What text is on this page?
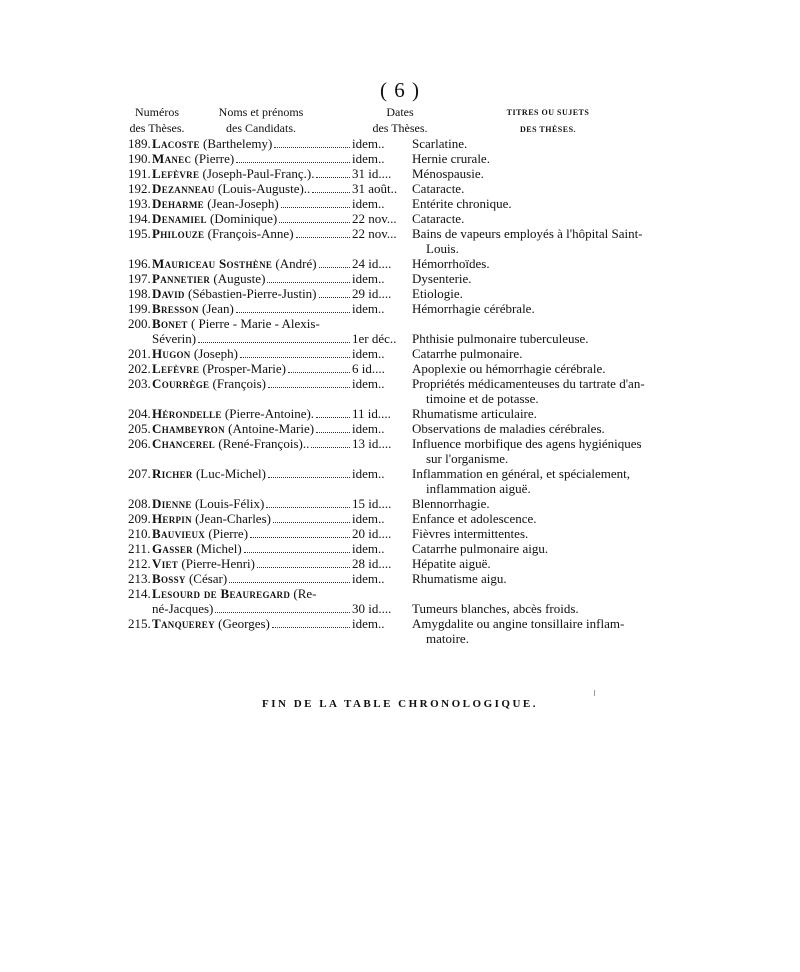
( 6 )
Numéros
des Thèses.
Noms et prénoms
des Candidats.
Dates
des Thèses.
TITRES OU SUJETS
DES THÈSES.
189. Lacoste (Barthelemy)	idem..	Scarlatine.
190. Manec (Pierre)	idem..	Hernie crurale.
191. Lefèvre (Joseph-Paul-Franç.).	31 id....	Ménospausie.
192. Dezanneau (Louis-Auguste)..	31 août..	Cataracte.
193. Deharme (Jean-Joseph)	idem..	Entérite chronique.
194. Denamiel (Dominique)	22 nov...	Cataracte.
195. Philouze (François-Anne)	22 nov...	Bains de vapeurs employés à l'hôpital Saint-
Louis.
196. Mauriceau Sosthène (André)	24 id....	Hémorrhoïdes.
197. Pannetier (Auguste)	idem..	Dysenterie.
198. David (Sébastien-Pierre-Justin)	29 id....	Etiologie.
199. Bresson (Jean)	idem..	Hémorrhagie cérébrale.
200. Bonet ( Pierre - Marie - Alexis-
Séverin)	1er déc..	Phthisie pulmonaire tuberculeuse.
201. Hugon (Joseph)	idem..	Catarrhe pulmonaire.
202. Lefèvre (Prosper-Marie)	6 id....	Apoplexie ou hémorrhagie cérébrale.
203. Courrège (François)	idem..	Propriétés médicamenteuses du tartrate d'an-
timoine et de potasse.
204. Hérondelle (Pierre-Antoine).	11 id....	Rhumatisme articulaire.
205. Chambeyron (Antoine-Marie)	idem..	Observations de maladies cérébrales.
206. Chancerel (René-François)..	13 id....	Influence morbifique des agens hygiéniques
sur l'organisme.
207. Richer (Luc-Michel)	idem..	Inflammation en général, et spécialement,
inflammation aiguë.
208. Dienne (Louis-Félix)	15 id....	Blennorrhagie.
209. Herpin (Jean-Charles)	idem..	Enfance et adolescence.
210. Bauvieux (Pierre)	20 id....	Fièvres intermittentes.
211. Gasser (Michel)	idem..	Catarrhe pulmonaire aigu.
212. Viet (Pierre-Henri)	28 id....	Hépatite aiguë.
213. Bossy (César)	idem..	Rhumatisme aigu.
214. Lesourd de Beauregard (Re-
né-Jacques)	30 id....	Tumeurs blanches, abcès froids.
215. Tanquerey (Georges)	idem..	Amygdalite ou angine tonsillaire inflam-
matoire.
FIN DE LA TABLE CHRONOLOGIQUE.
